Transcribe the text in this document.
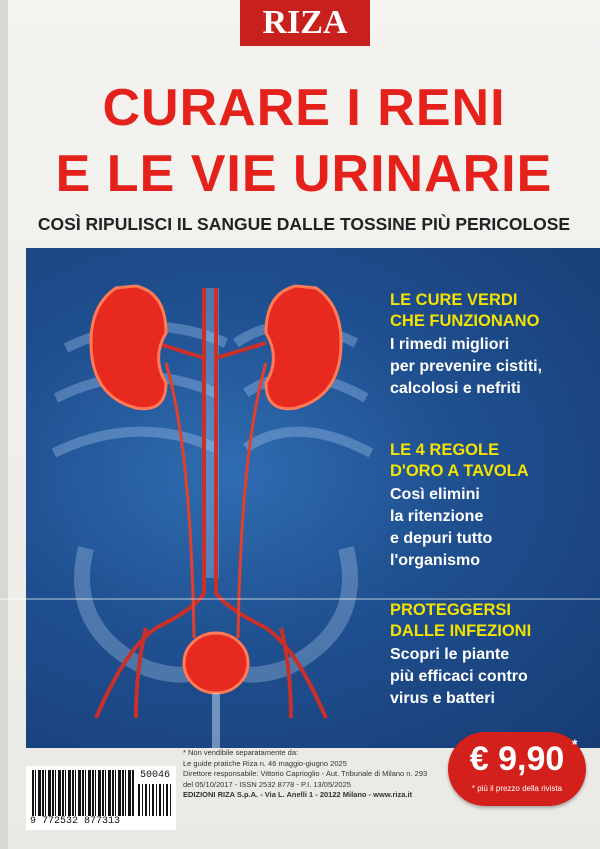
RIZA
CURARE I RENI
E LE VIE URINARIE
COSÌ RIPULISCI IL SANGUE DALLE TOSSINE PIÙ PERICOLOSE
LE CURE VERDI
CHE FUNZIONANO
I rimedi migliori
per prevenire cistiti,
calcolosi e nefriti
LE 4 REGOLE
D'ORO A TAVOLA
Così elimini
la ritenzione
e depuri tutto
l'organismo
PROTEGGERSI
DALLE INFEZIONI
Scopri le piante
più efficaci contro
virus e batteri
50046
9 772532 877313
* Non vendibile separatamente da:
Le guide pratiche Riza n. 46 maggio-giugno 2025
Direttore responsabile: Vittorio Caprioglio - Aut. Tribunale di Milano n. 293
del 05/10/2017 - ISSN 2532 8778 - P.I. 13/05/2025
EDIZIONI RIZA S.p.A. - Via L. Anelli 1 - 20122 Milano - www.riza.it
€ 9,90 *
* più il prezzo della rivista
